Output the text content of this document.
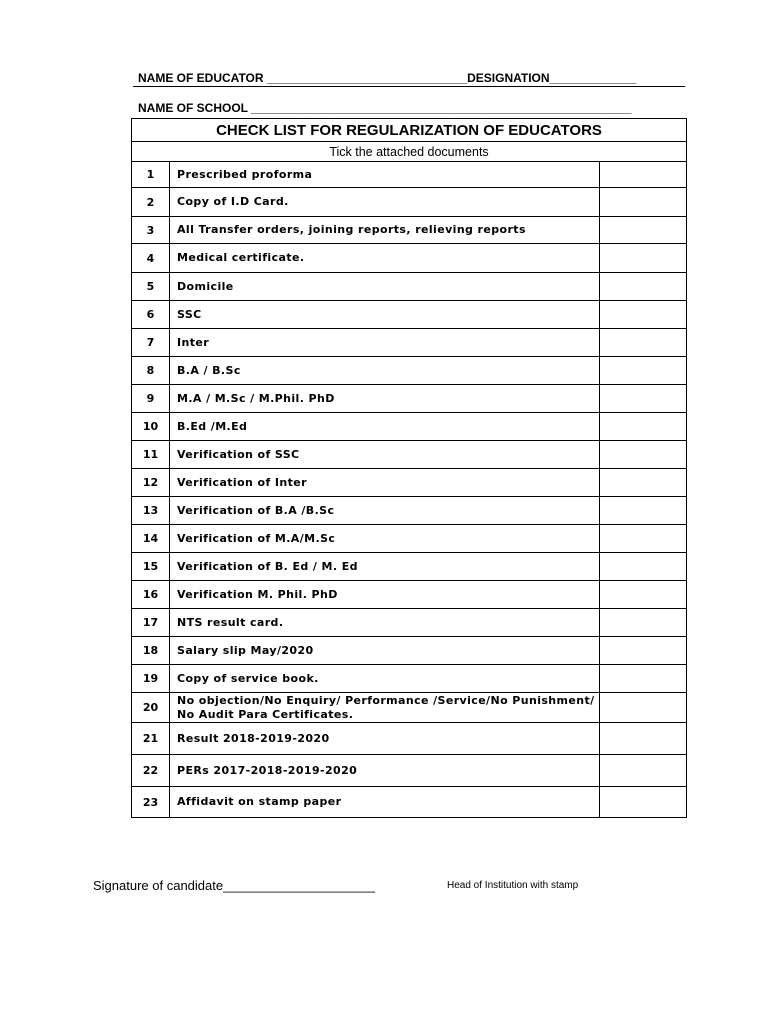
NAME OF EDUCATOR ______________________________DESIGNATION_____________
NAME OF SCHOOL _________________________________________________________
CHECK LIST FOR REGULARIZATION OF EDUCATORS		
Tick the attached documents		
1	Prescribed proforma	
2	Copy of I.D Card.	
3	All Transfer orders, joining reports, relieving reports	
4	Medical certificate.	
5	Domicile	
6	SSC	
7	Inter	
8	B.A / B.Sc	
9	M.A / M.Sc / M.Phil. PhD	
10	B.Ed /M.Ed	
11	Verification of SSC	
12	Verification of Inter	
13	Verification of B.A /B.Sc	
14	Verification of M.A/M.Sc	
15	Verification of B. Ed / M. Ed	
16	Verification M. Phil. PhD	
17	NTS result card.	
18	Salary slip May/2020	
19	Copy of service book.	
20	No objection/No Enquiry/ Performance /Service/No Punishment/ No Audit Para Certificates.	
21	Result 2018-2019-2020	
22	PERs 2017-2018-2019-2020	
23	Affidavit on stamp paper	
Signature of candidate_____________________	Head of Institution with stamp
